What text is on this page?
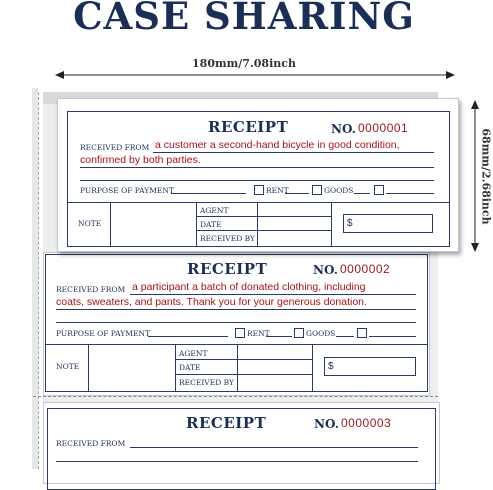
CASE SHARING
180mm/7.08inch
68mm/2.68inch
RECEIPT	NO. 0000003
RECEIVED FROM
RECEIPT	NO. 0000002
RECEIVED FROM a participant a batch of donated clothing, including
coats, sweaters, and pants. Thank you for your generous donation.
PURPOSE OF PAYMENT	RENT	GOODS
NOTE
AGENT
DATE
RECEIVED BY
$
RECEIPT	NO. 0000001
RECEIVED FROM a customer a second-hand bicycle in good condition,
confirmed by both parties.
PURPOSE OF PAYMENT	RENT	GOODS
NOTE
AGENT
DATE
RECEIVED BY
$
